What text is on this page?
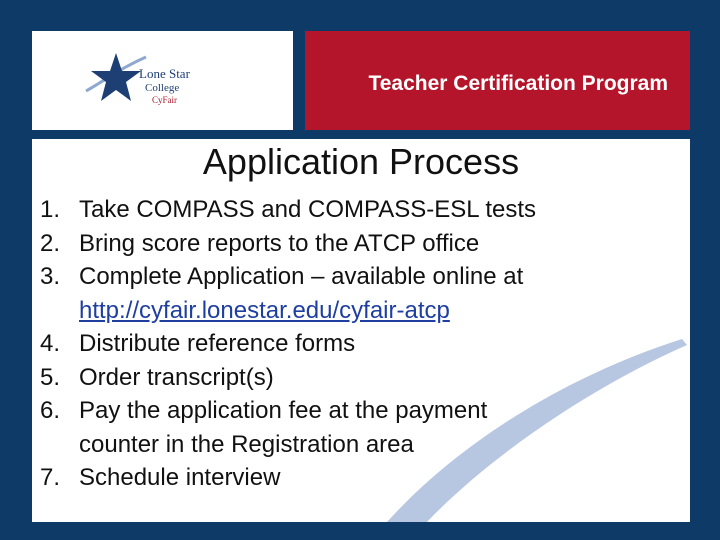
Lone Star
College
CyFair
Teacher Certification Program
Application Process
1. Take COMPASS and COMPASS-ESL tests
2. Bring score reports to the ATCP office
3. Complete Application – available online at
http://cyfair.lonestar.edu/cyfair-atcp
4. Distribute reference forms
5. Order transcript(s)
6. Pay the application fee at the payment
counter in the Registration area
7. Schedule interview
